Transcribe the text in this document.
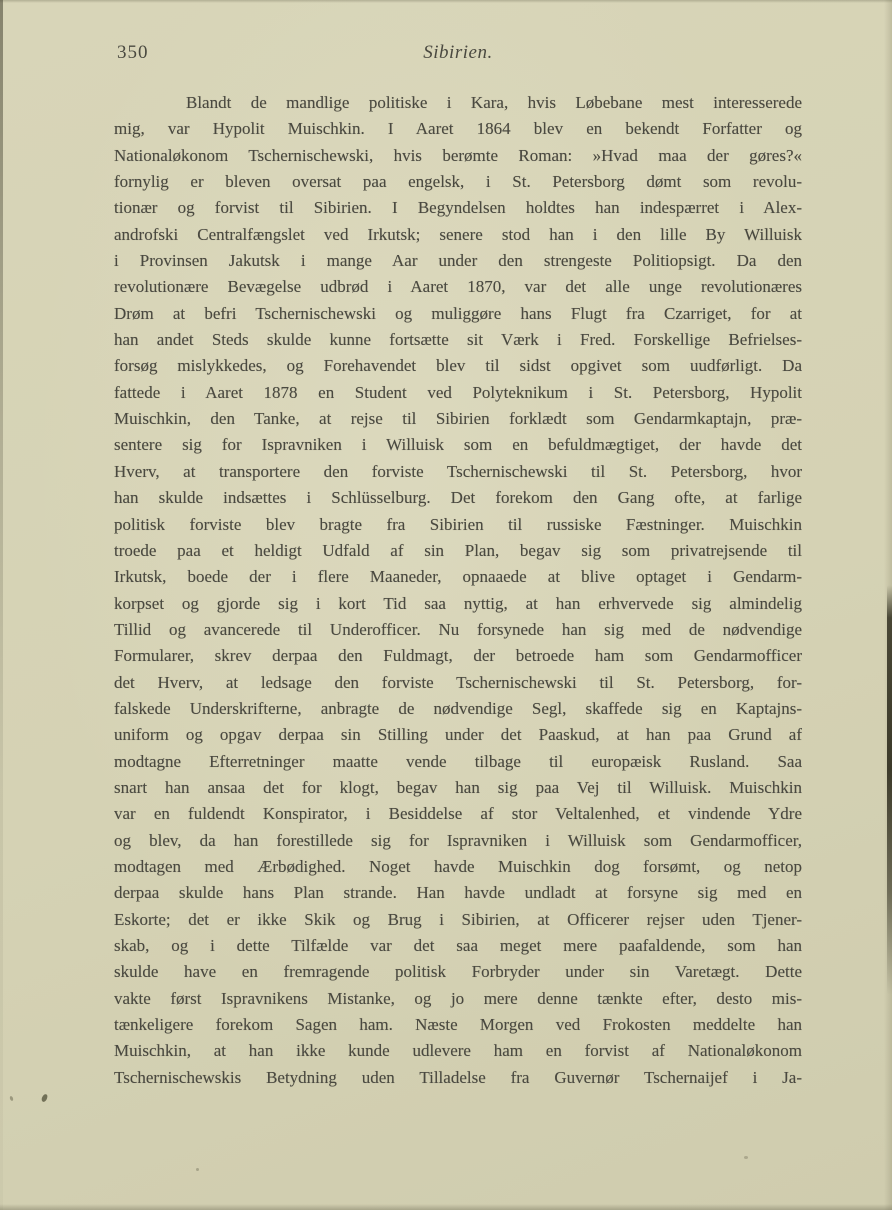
350	Sibirien.
Blandt de mandlige politiske i Kara, hvis Løbebane mest interesserede
mig, var Hypolit Muischkin. I Aaret 1864 blev en bekendt Forfatter og
Nationaløkonom Tschernischewski, hvis berømte Roman: »Hvad maa der gøres?«
fornylig er bleven oversat paa engelsk, i St. Petersborg dømt som revolu-
tionær og forvist til Sibirien. I Begyndelsen holdtes han indespærret i Alex-
androfski Centralfængslet ved Irkutsk; senere stod han i den lille By Willuisk
i Provinsen Jakutsk i mange Aar under den strengeste Politiopsigt. Da den
revolutionære Bevægelse udbrød i Aaret 1870, var det alle unge revolutionæres
Drøm at befri Tschernischewski og muliggøre hans Flugt fra Czarriget, for at
han andet Steds skulde kunne fortsætte sit Værk i Fred. Forskellige Befrielses-
forsøg mislykkedes, og Forehavendet blev til sidst opgivet som uudførligt. Da
fattede i Aaret 1878 en Student ved Polyteknikum i St. Petersborg, Hypolit
Muischkin, den Tanke, at rejse til Sibirien forklædt som Gendarmkaptajn, præ-
sentere sig for Ispravniken i Willuisk som en befuldmægtiget, der havde det
Hverv, at transportere den forviste Tschernischewski til St. Petersborg, hvor
han skulde indsættes i Schlüsselburg. Det forekom den Gang ofte, at farlige
politisk forviste blev bragte fra Sibirien til russiske Fæstninger. Muischkin
troede paa et heldigt Udfald af sin Plan, begav sig som privatrejsende til
Irkutsk, boede der i flere Maaneder, opnaaede at blive optaget i Gendarm-
korpset og gjorde sig i kort Tid saa nyttig, at han erhvervede sig almindelig
Tillid og avancerede til Underofficer. Nu forsynede han sig med de nødvendige
Formularer, skrev derpaa den Fuldmagt, der betroede ham som Gendarmofficer
det Hverv, at ledsage den forviste Tschernischewski til St. Petersborg, for-
falskede Underskrifterne, anbragte de nødvendige Segl, skaffede sig en Kaptajns-
uniform og opgav derpaa sin Stilling under det Paaskud, at han paa Grund af
modtagne Efterretninger maatte vende tilbage til europæisk Rusland. Saa
snart han ansaa det for klogt, begav han sig paa Vej til Willuisk. Muischkin
var en fuldendt Konspirator, i Besiddelse af stor Veltalenhed, et vindende Ydre
og blev, da han forestillede sig for Ispravniken i Willuisk som Gendarmofficer,
modtagen med Ærbødighed. Noget havde Muischkin dog forsømt, og netop
derpaa skulde hans Plan strande. Han havde undladt at forsyne sig med en
Eskorte; det er ikke Skik og Brug i Sibirien, at Officerer rejser uden Tjener-
skab, og i dette Tilfælde var det saa meget mere paafaldende, som han
skulde have en fremragende politisk Forbryder under sin Varetægt. Dette
vakte først Ispravnikens Mistanke, og jo mere denne tænkte efter, desto mis-
tænkeligere forekom Sagen ham. Næste Morgen ved Frokosten meddelte han
Muischkin, at han ikke kunde udlevere ham en forvist af Nationaløkonom
Tschernischewskis Betydning uden Tilladelse fra Guvernør Tschernaijef i Ja-
